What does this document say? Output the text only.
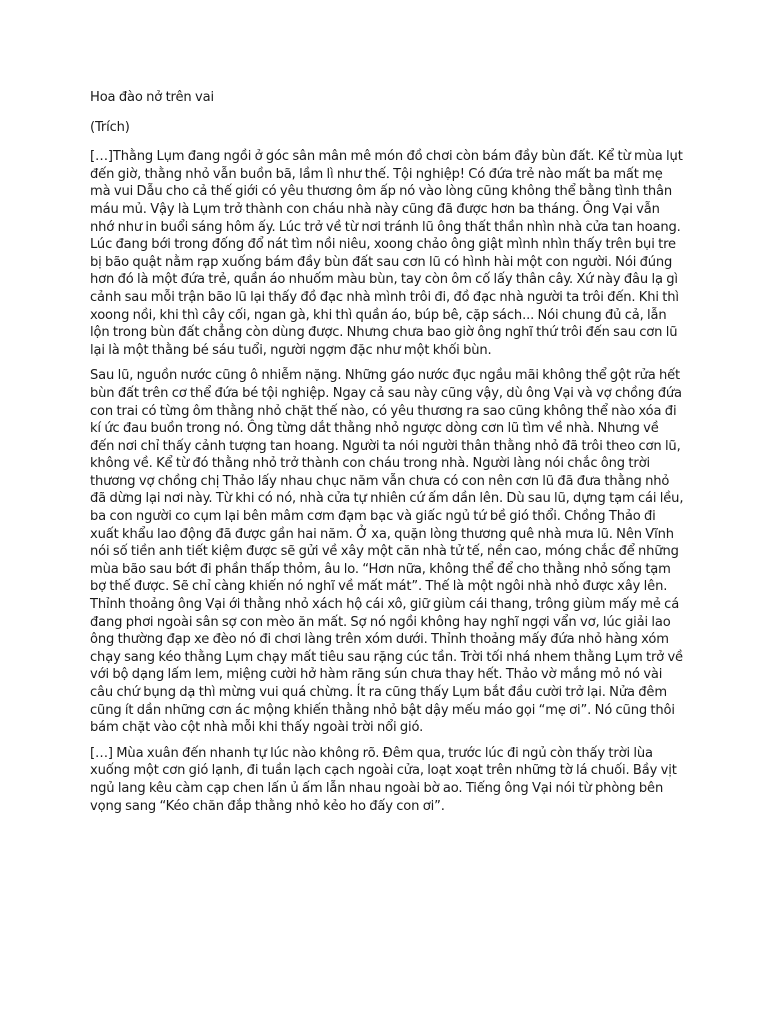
Hoa đào nở trên vai
(Trích)

[…]Thằng Lụm đang ngồi ở góc sân mân mê món đồ chơi còn bám đầy bùn đất. Kể từ mùa lụt đến giờ, thằng nhỏ vẫn buồn bã, lầm lì như thế. Tội nghiệp! Có đứa trẻ nào mất ba mất mẹ mà vui Dẫu cho cả thế giới có yêu thương ôm ấp nó vào lòng cũng không thể bằng tình thân máu mủ. Vậy là Lụm trở thành con cháu nhà này cũng đã được hơn ba tháng. Ông Vại vẫn nhớ như in buổi sáng hôm ấy. Lúc trở về từ nơi tránh lũ ông thất thần nhìn nhà cửa tan hoang. Lúc đang bới trong đống đổ nát tìm nồi niêu, xoong chảo ông giật mình nhìn thấy trên bụi tre bị bão quật nằm rạp xuống bám đầy bùn đất sau cơn lũ có hình hài một con người. Nói đúng hơn đó là một đứa trẻ, quần áo nhuốm màu bùn, tay còn ôm cố lấy thân cây. Xứ này đâu lạ gì cảnh sau mỗi trận bão lũ lại thấy đồ đạc nhà mình trôi đi, đồ đạc nhà người ta trôi đến. Khi thì xoong nồi, khi thì cây cối, ngan gà, khi thì quần áo, búp bê, cặp sách... Nói chung đủ cả, lẫn lộn trong bùn đất chẳng còn dùng được. Nhưng chưa bao giờ ông nghĩ thứ trôi đến sau cơn lũ lại là một thằng bé sáu tuổi, người ngợm đặc như một khối bùn.

Sau lũ, nguồn nước cũng ô nhiễm nặng. Những gáo nước đục ngầu mãi không thể gột rửa hết bùn đất trên cơ thể đứa bé tội nghiệp. Ngay cả sau này cũng vậy, dù ông Vại và vợ chồng đứa con trai có từng ôm thằng nhỏ chặt thế nào, có yêu thương ra sao cũng không thể nào xóa đi kí ức đau buồn trong nó. Ông từng dắt thằng nhỏ ngược dòng cơn lũ tìm về nhà. Nhưng về đến nơi chỉ thấy cảnh tượng tan hoang. Người ta nói người thân thằng nhỏ đã trôi theo cơn lũ, không về. Kể từ đó thằng nhỏ trở thành con cháu trong nhà. Người làng nói chắc ông trời thương vợ chồng chị Thảo lấy nhau chục năm vẫn chưa có con nên cơn lũ đã đưa thằng nhỏ đã dừng lại nơi này. Từ khi có nó, nhà cửa tự nhiên cứ ấm dần lên. Dù sau lũ, dựng tạm cái lều, ba con người co cụm lại bên mâm cơm đạm bạc và giấc ngủ tứ bề gió thổi. Chồng Thảo đi xuất khẩu lao động đã được gần hai năm. Ở xa, quặn lòng thương quê nhà mưa lũ. Nên Vĩnh nói số tiền anh tiết kiệm được sẽ gửi về xây một căn nhà tử tế, nền cao, móng chắc để những mùa bão sau bớt đi phần thấp thỏm, âu lo. “Hơn nữa, không thể để cho thằng nhỏ sống tạm bợ thế được. Sẽ chỉ càng khiến nó nghĩ về mất mát”. Thế là một ngôi nhà nhỏ được xây lên. Thỉnh thoảng ông Vại ới thằng nhỏ xách hộ cái xô, giữ giùm cái thang, trông giùm mấy mẻ cá đang phơi ngoài sân sợ con mèo ăn mất. Sợ nó ngồi không hay nghĩ ngợi vẩn vơ, lúc giải lao ông thường đạp xe đèo nó đi chơi làng trên xóm dưới. Thỉnh thoảng mấy đứa nhỏ hàng xóm chạy sang kéo thằng Lụm chạy mất tiêu sau rặng cúc tần. Trời tối nhá nhem thằng Lụm trở về với bộ dạng lấm lem, miệng cười hở hàm răng sún chưa thay hết. Thảo vờ mắng mỏ nó vài câu chứ bụng dạ thì mừng vui quá chừng. Ít ra cũng thấy Lụm bắt đầu cười trở lại. Nửa đêm cũng ít dần những cơn ác mộng khiến thằng nhỏ bật dậy mếu máo gọi “mẹ ơi”. Nó cũng thôi bám chặt vào cột nhà mỗi khi thấy ngoài trời nổi gió.

[…] Mùa xuân đến nhanh tự lúc nào không rõ. Đêm qua, trước lúc đi ngủ còn thấy trời lùa xuống một cơn gió lạnh, đi tuần lạch cạch ngoài cửa, loạt xoạt trên những tờ lá chuối. Bầy vịt ngủ lang kêu càm cạp chen lấn ủ ấm lẫn nhau ngoài bờ ao. Tiếng ông Vại nói từ phòng bên vọng sang “Kéo chăn đắp thằng nhỏ kẻo ho đấy con ơi”.
